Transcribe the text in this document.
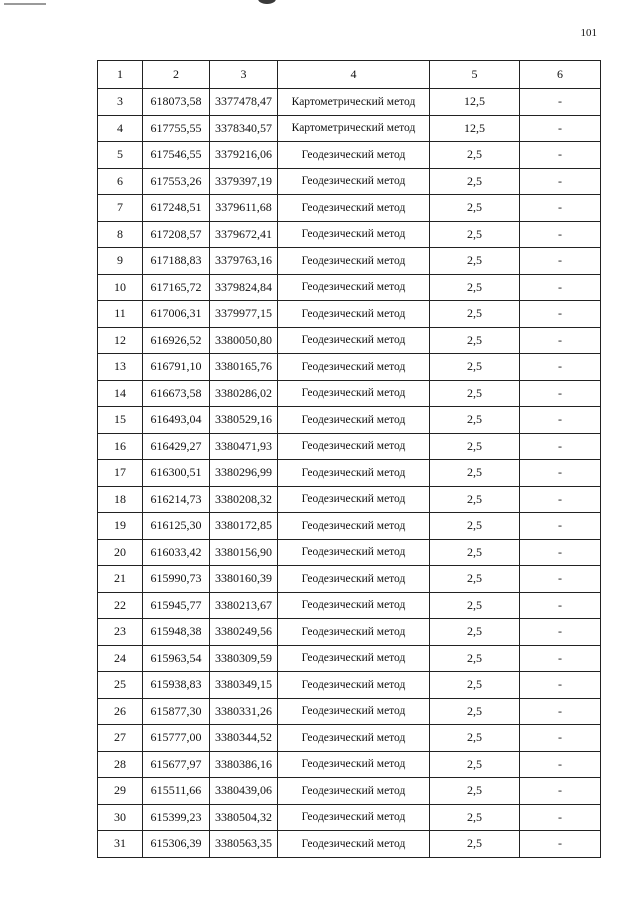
101
1	2	3	4	5	6
3	618073,58	3377478,47	Картометрический метод	12,5	-
4	617755,55	3378340,57	Картометрический метод	12,5	-
5	617546,55	3379216,06	Геодезический метод	2,5	-
6	617553,26	3379397,19	Геодезический метод	2,5	-
7	617248,51	3379611,68	Геодезический метод	2,5	-
8	617208,57	3379672,41	Геодезический метод	2,5	-
9	617188,83	3379763,16	Геодезический метод	2,5	-
10	617165,72	3379824,84	Геодезический метод	2,5	-
11	617006,31	3379977,15	Геодезический метод	2,5	-
12	616926,52	3380050,80	Геодезический метод	2,5	-
13	616791,10	3380165,76	Геодезический метод	2,5	-
14	616673,58	3380286,02	Геодезический метод	2,5	-
15	616493,04	3380529,16	Геодезический метод	2,5	-
16	616429,27	3380471,93	Геодезический метод	2,5	-
17	616300,51	3380296,99	Геодезический метод	2,5	-
18	616214,73	3380208,32	Геодезический метод	2,5	-
19	616125,30	3380172,85	Геодезический метод	2,5	-
20	616033,42	3380156,90	Геодезический метод	2,5	-
21	615990,73	3380160,39	Геодезический метод	2,5	-
22	615945,77	3380213,67	Геодезический метод	2,5	-
23	615948,38	3380249,56	Геодезический метод	2,5	-
24	615963,54	3380309,59	Геодезический метод	2,5	-
25	615938,83	3380349,15	Геодезический метод	2,5	-
26	615877,30	3380331,26	Геодезический метод	2,5	-
27	615777,00	3380344,52	Геодезический метод	2,5	-
28	615677,97	3380386,16	Геодезический метод	2,5	-
29	615511,66	3380439,06	Геодезический метод	2,5	-
30	615399,23	3380504,32	Геодезический метод	2,5	-
31	615306,39	3380563,35	Геодезический метод	2,5	-
